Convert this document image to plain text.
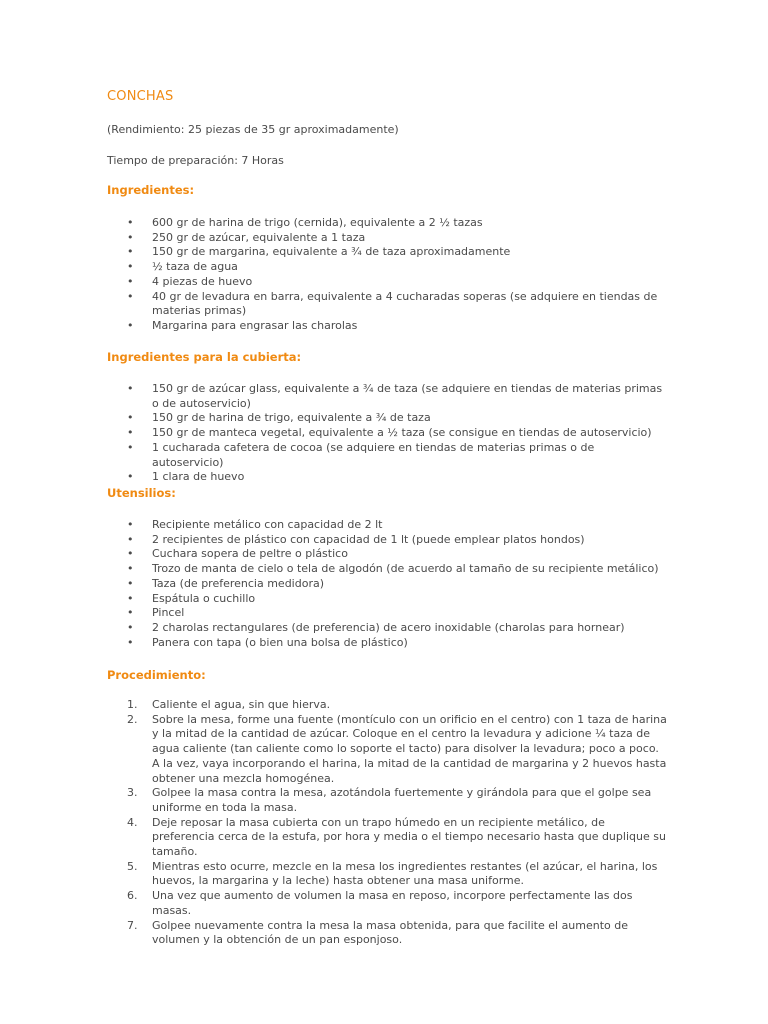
CONCHAS
(Rendimiento: 25 piezas de 35 gr aproximadamente)
Tiempo de preparación: 7 Horas
Ingredientes:
• 600 gr de harina de trigo (cernida), equivalente a 2 ½ tazas
• 250 gr de azúcar, equivalente a 1 taza
• 150 gr de margarina, equivalente a ¾ de taza aproximadamente
• ½ taza de agua
• 4 piezas de huevo
• 40 gr de levadura en barra, equivalente a 4 cucharadas soperas (se adquiere en tiendas de materias primas)
• Margarina para engrasar las charolas
Ingredientes para la cubierta:
• 150 gr de azúcar glass, equivalente a ¾ de taza (se adquiere en tiendas de materias primas o de autoservicio)
• 150 gr de harina de trigo, equivalente a ¾ de taza
• 150 gr de manteca vegetal, equivalente a ½ taza (se consigue en tiendas de autoservicio)
• 1 cucharada cafetera de cocoa (se adquiere en tiendas de materias primas o de autoservicio)
• 1 clara de huevo
Utensilios:
• Recipiente metálico con capacidad de 2 lt
• 2 recipientes de plástico con capacidad de 1 lt (puede emplear platos hondos)
• Cuchara sopera de peltre o plástico
• Trozo de manta de cielo o tela de algodón (de acuerdo al tamaño de su recipiente metálico)
• Taza (de preferencia medidora)
• Espátula o cuchillo
• Pincel
• 2 charolas rectangulares (de preferencia) de acero inoxidable (charolas para hornear)
• Panera con tapa (o bien una bolsa de plástico)
Procedimiento:
1. Caliente el agua, sin que hierva.
2. Sobre la mesa, forme una fuente (montículo con un orificio en el centro) con 1 taza de harina y la mitad de la cantidad de azúcar. Coloque en el centro la levadura y adicione ¼ taza de agua caliente (tan caliente como lo soporte el tacto) para disolver la levadura; poco a poco. A la vez, vaya incorporando el harina, la mitad de la cantidad de margarina y 2 huevos hasta obtener una mezcla homogénea.
3. Golpee la masa contra la mesa, azotándola fuertemente y girándola para que el golpe sea uniforme en toda la masa.
4. Deje reposar la masa cubierta con un trapo húmedo en un recipiente metálico, de preferencia cerca de la estufa, por hora y media o el tiempo necesario hasta que duplique su tamaño.
5. Mientras esto ocurre, mezcle en la mesa los ingredientes restantes (el azúcar, el harina, los huevos, la margarina y la leche) hasta obtener una masa uniforme.
6. Una vez que aumento de volumen la masa en reposo, incorpore perfectamente las dos masas.
7. Golpee nuevamente contra la mesa la masa obtenida, para que facilite el aumento de volumen y la obtención de un pan esponjoso.
